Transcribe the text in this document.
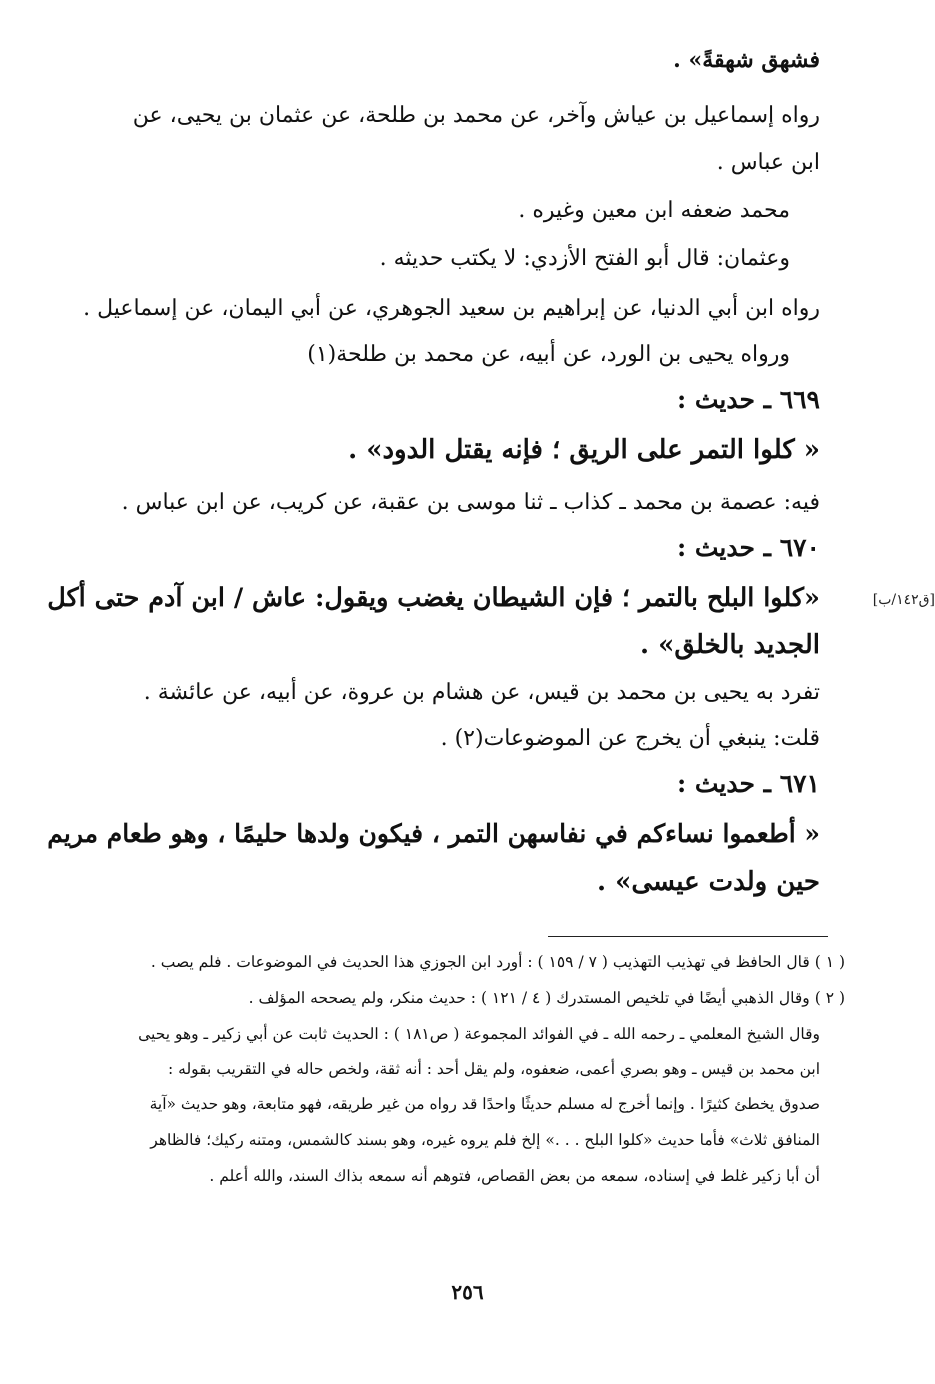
فشهق شهقةً» .

رواه إسماعيل بن عياش وآخر، عن محمد بن طلحة، عن عثمان بن يحيى، عن

ابن عباس .

محمد ضعفه ابن معين وغيره .

وعثمان: قال أبو الفتح الأزدي: لا يكتب حديثه .

رواه ابن أبي الدنيا، عن إبراهيم بن سعيد الجوهري، عن أبي اليمان، عن إسماعيل .

ورواه يحيى بن الورد، عن أبيه، عن محمد بن طلحة(١)

٦٦٩ ـ حديث :

« كلوا التمر على الريق ؛ فإنه يقتل الدود» .

فيه: عصمة بن محمد ـ كذاب ـ ثنا موسى بن عقبة، عن كريب، عن ابن عباس .

٦٧٠ ـ حديث :

[ق١٤٢/ب]

«كلوا البلح بالتمر ؛ فإن الشيطان يغضب ويقول: عاش / ابن آدم حتى أكل

الجديد بالخلق» .

تفرد به يحيى بن محمد بن قيس، عن هشام بن عروة، عن أبيه، عن عائشة .

قلت: ينبغي أن يخرج عن الموضوعات(٢) .

٦٧١ ـ حديث :

« أطعموا نساءكم في نفاسهن التمر ، فيكون ولدها حليمًا ، وهو طعام مريم

حين ولدت عيسى» .

( ١ ) قال الحافظ في تهذيب التهذيب ( ٧ / ١٥٩ ) : أورد ابن الجوزي هذا الحديث في الموضوعات . فلم يصب .

( ٢ ) وقال الذهبي أيضًا في تلخيص المستدرك ( ٤ / ١٢١ ) : حديث منكر، ولم يصححه المؤلف .

وقال الشيخ المعلمي ـ رحمه الله ـ في الفوائد المجموعة ( ص١٨١ ) : الحديث ثابت عن أبي زكير ـ وهو يحيى

ابن محمد بن قيس ـ وهو بصري أعمى، ضعفوه، ولم يقل أحد : أنه ثقة، ولخص حاله في التقريب بقوله :

صدوق يخطئ كثيرًا . وإنما أخرج له مسلم حديثًا واحدًا قد رواه من غير طريقه، فهو متابعة، وهو حديث «آية

المنافق ثلاث» فأما حديث «كلوا البلح . . .» إلخ فلم يروه غيره، وهو بسند كالشمس، ومتنه ركيك؛ فالظاهر

أن أبا زكير غلط في إسناده، سمعه من بعض القصاص، فتوهم أنه سمعه بذاك السند، والله أعلم .

٢٥٦
